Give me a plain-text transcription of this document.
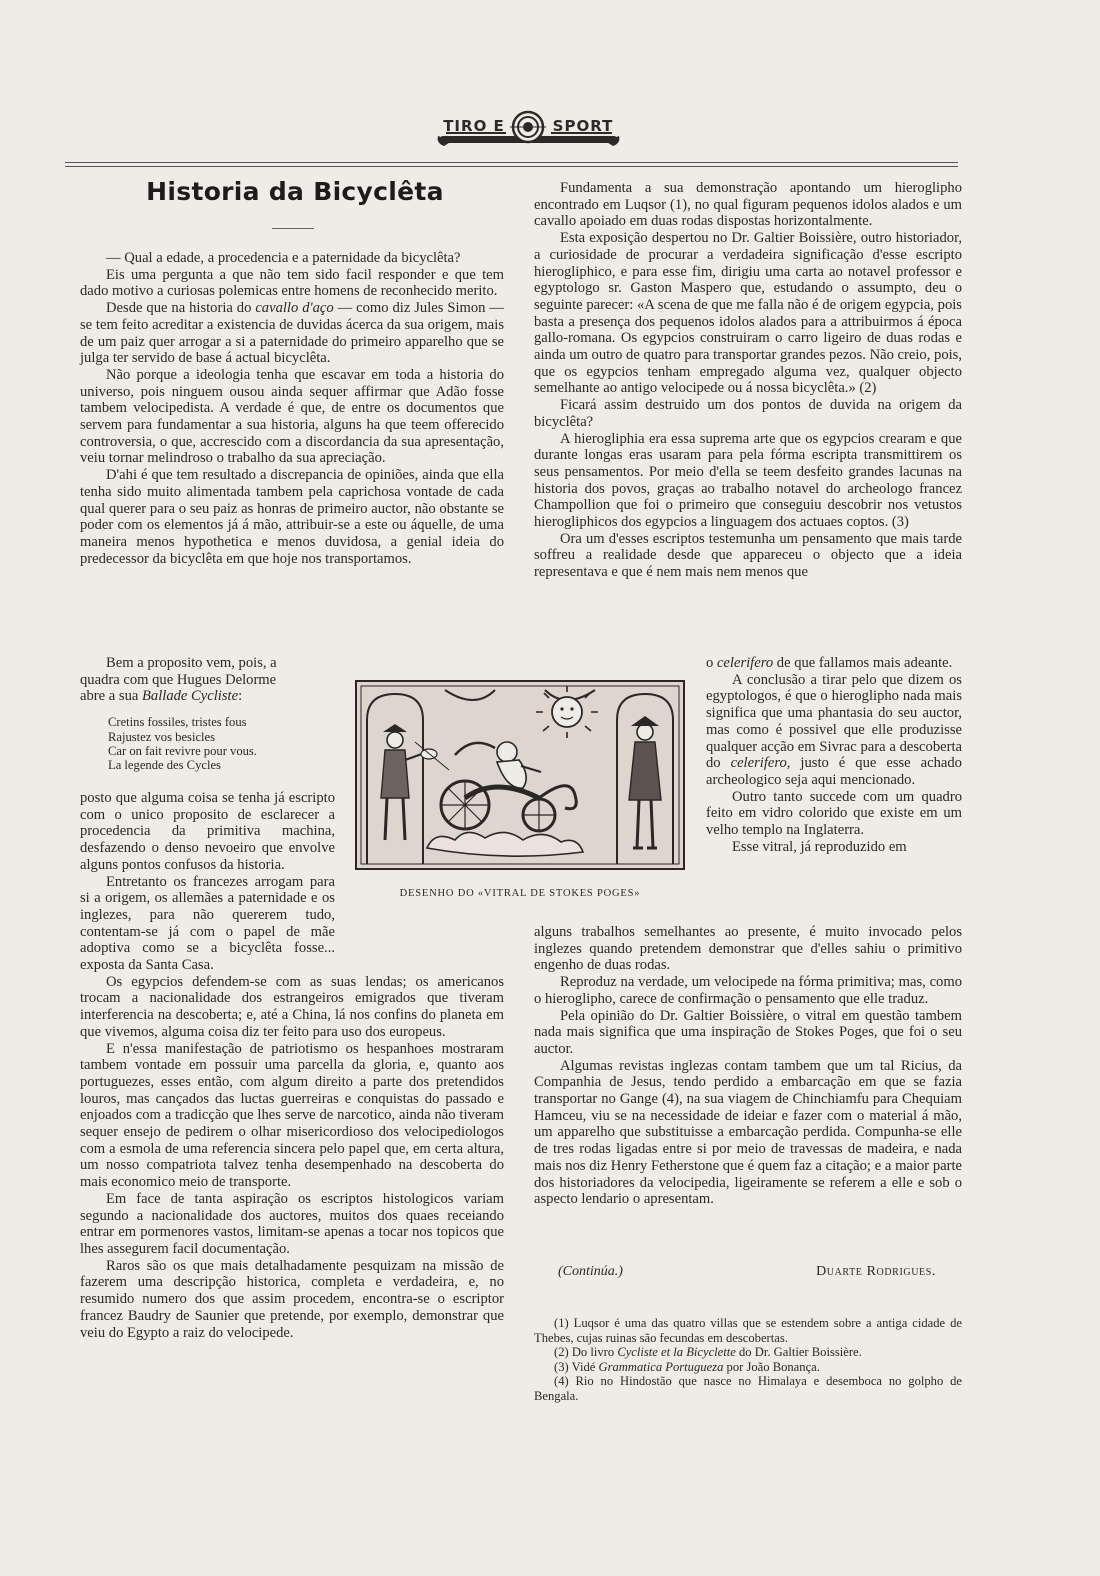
TIRO E	SPORT
Historia da Bicyclêta

— Qual a edade, a procedencia e a paternidade da bicyclêta?

Eis uma pergunta a que não tem sido facil responder e que tem dado motivo a curiosas polemicas entre homens de reconhecido merito.

Desde que na historia do cavallo d'aço — como diz Jules Simon — se tem feito acreditar a existencia de duvidas ácerca da sua origem, mais de um paiz quer arrogar a si a paternidade do primeiro apparelho que se julga ter servido de base á actual bicyclêta.

Não porque a ideologia tenha que escavar em toda a historia do universo, pois ninguem ousou ainda sequer affirmar que Adão fosse tambem velocipedista. A verdade é que, de entre os documentos que servem para fundamentar a sua historia, alguns ha que teem offerecido controversia, o que, accrescido com a discordancia da sua apresentação, veiu tornar melindroso o trabalho da sua apreciação.

D'ahi é que tem resultado a discrepancia de opiniões, ainda que ella tenha sido muito alimentada tambem pela caprichosa vontade de cada qual querer para o seu paiz as honras de primeiro auctor, não obstante se poder com os elementos já á mão, attribuir-se a este ou áquelle, de uma maneira menos hypothetica e menos duvidosa, a genial ideia do predecessor da bicyclêta em que hoje nos transportamos.

Bem a proposito vem, pois, a
quadra com que Hugues Delorme
abre a sua Ballade Cycliste:

Cretins fossiles, tristes fous
Rajustez vos besicles
Car on fait revivre pour vous.
La legende des Cycles

posto que alguma coisa se tenha já escripto com o unico proposito de esclarecer a procedencia da primitiva machina, desfazendo o denso nevoeiro que envolve alguns pontos confusos da historia.

Entretanto os francezes arrogam para si a origem, os allemães a paternidade e os inglezes, para não quererem tudo, contentam-se já com o papel de mãe adoptiva como se a bicyclêta fosse... exposta da Santa Casa.

Os egypcios defendem-se com as suas lendas; os americanos trocam a nacionalidade dos estrangeiros emigrados que tiveram interferencia na descoberta; e, até a China, lá nos confins do planeta em que vivemos, alguma coisa diz ter feito para uso dos europeus.

E n'essa manifestação de patriotismo os hespanhoes mostraram tambem vontade em possuir uma parcella da gloria, e, quanto aos portuguezes, esses então, com algum direito a parte dos pretendidos louros, mas cançados das luctas guerreiras e conquistas do passado e enjoados com a tradicção que lhes serve de narcotico, ainda não tiveram sequer ensejo de pedirem o olhar misericordioso dos velocipediologos com a esmola de uma referencia sincera pelo papel que, em certa altura, um nosso compatriota talvez tenha desempenhado na descoberta do mais economico meio de transporte.

Em face de tanta aspiração os escriptos histologicos variam segundo a nacionalidade dos auctores, muitos dos quaes receiando entrar em pormenores vastos, limitam-se apenas a tocar nos topicos que lhes assegurem facil documentação.

Raros são os que mais detalhadamente pesquizam na missão de fazerem uma descripção historica, completa e verdadeira, e, no resumido numero dos que assim procedem, encontra-se o escriptor francez Baudry de Saunier que pretende, por exemplo, demonstrar que veiu do Egypto a raiz do velocipede.

Fundamenta a sua demonstração apontando um hieroglipho encontrado em Luqsor (1), no qual figuram pequenos idolos alados e um cavallo apoiado em duas rodas dispostas horizontalmente.

Esta exposição despertou no Dr. Galtier Boissière, outro historiador, a curiosidade de procurar a verdadeira significação d'esse escripto hierogliphico, e para esse fim, dirigiu uma carta ao notavel professor e egyptologo sr. Gaston Maspero que, estudando o assumpto, deu o seguinte parecer: «A scena de que me falla não é de origem egypcia, pois basta a presença dos pequenos idolos alados para a attribuirmos á época gallo-romana. Os egypcios construiram o carro ligeiro de duas rodas e ainda um outro de quatro para transportar grandes pezos. Não creio, pois, que os egypcios tenham empregado alguma vez, qualquer objecto semelhante ao antigo velocipede ou á nossa bicyclêta.» (2)

Ficará assim destruido um dos pontos de duvida na origem da bicyclêta?

A hierogliphia era essa suprema arte que os egypcios crearam e que durante longas eras usaram para pela fórma escripta transmittirem os seus pensamentos. Por meio d'ella se teem desfeito grandes lacunas na historia dos povos, graças ao trabalho notavel do archeologo francez Champollion que foi o primeiro que conseguiu descobrir nos vetustos hierogliphicos dos egypcios a linguagem dos actuaes coptos. (3)

Ora um d'esses escriptos testemunha um pensamento que mais tarde soffreu a realidade desde que appareceu o objecto que a ideia representava e que é nem mais nem menos que

o celerifero de que fallamos mais adeante.

A conclusão a tirar pelo que dizem os egyptologos, é que o hieroglipho nada mais significa que uma phantasia do seu auctor, mas como é possivel que elle produzisse qualquer acção em Sivrac para a descoberta do celerifero, justo é que esse achado archeologico seja aqui mencionado.

Outro tanto succede com um quadro feito em vidro colorido que existe em um velho templo na Inglaterra.

Esse vitral, já reproduzido em

alguns trabalhos semelhantes ao presente, é muito invocado pelos inglezes quando pretendem demonstrar que d'elles sahiu o primitivo engenho de duas rodas.

Reproduz na verdade, um velocipede na fórma primitiva; mas, como o hieroglipho, carece de confirmação o pensamento que elle traduz.

Pela opinião do Dr. Galtier Boissière, o vitral em questão tambem nada mais significa que uma inspiração de Stokes Poges, que foi o seu auctor.

Algumas revistas inglezas contam tambem que um tal Ricius, da Companhia de Jesus, tendo perdido a embarcação em que se fazia transportar no Gange (4), na sua viagem de Chinchiamfu para Chequiam Hamceu, viu se na necessidade de ideiar e fazer com o material á mão, um apparelho que substituisse a embarcação perdida. Compunha-se elle de tres rodas ligadas entre si por meio de travessas de madeira, e nada mais nos diz Henry Fetherstone que é quem faz a citação; e a maior parte dos historiadores da velocipedia, ligeiramente se referem a elle e sob o aspecto lendario o apresentam.

DESENHO DO «VITRAL DE STOKES POGES»
(Continúa.)	Duarte Rodrigues.

(1) Luqsor é uma das quatro villas que se estendem sobre a antiga cidade de Thebes, cujas ruinas são fecundas em descobertas.

(2) Do livro Cycliste et la Bicyclette do Dr. Galtier Boissière.

(3) Vidé Grammatica Portugueza por João Bonança.

(4) Rio no Hindostão que nasce no Himalaya e desemboca no golpho de Bengala.
